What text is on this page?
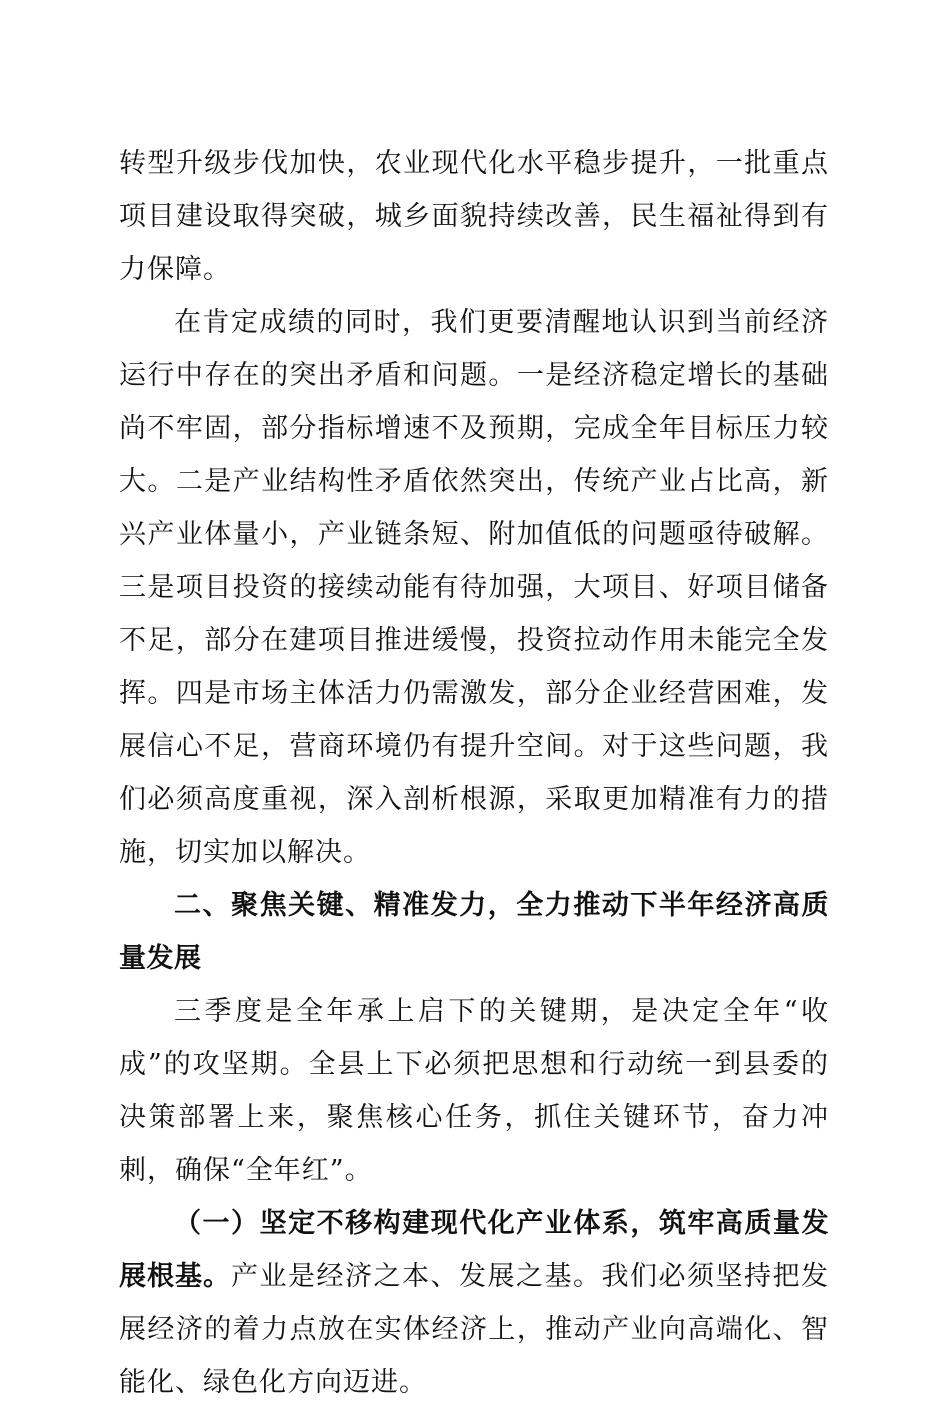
转型升级步伐加快，农业现代化水平稳步提升，一批重点项目建设取得突破，城乡面貌持续改善，民生福祉得到有力保障。

在肯定成绩的同时，我们更要清醒地认识到当前经济运行中存在的突出矛盾和问题。一是经济稳定增长的基础尚不牢固，部分指标增速不及预期，完成全年目标压力较大。二是产业结构性矛盾依然突出，传统产业占比高，新兴产业体量小，产业链条短、附加值低的问题亟待破解。三是项目投资的接续动能有待加强，大项目、好项目储备不足，部分在建项目推进缓慢，投资拉动作用未能完全发挥。四是市场主体活力仍需激发，部分企业经营困难，发展信心不足，营商环境仍有提升空间。对于这些问题，我们必须高度重视，深入剖析根源，采取更加精准有力的措施，切实加以解决。

二、聚焦关键、精准发力，全力推动下半年经济高质量发展

三季度是全年承上启下的关键期，是决定全年“收成”的攻坚期。全县上下必须把思想和行动统一到县委的决策部署上来，聚焦核心任务，抓住关键环节，奋力冲刺，确保“全年红”。

（一）坚定不移构建现代化产业体系，筑牢高质量发展根基。产业是经济之本、发展之基。我们必须坚持把发展经济的着力点放在实体经济上，推动产业向高端化、智能化、绿色化方向迈进。
